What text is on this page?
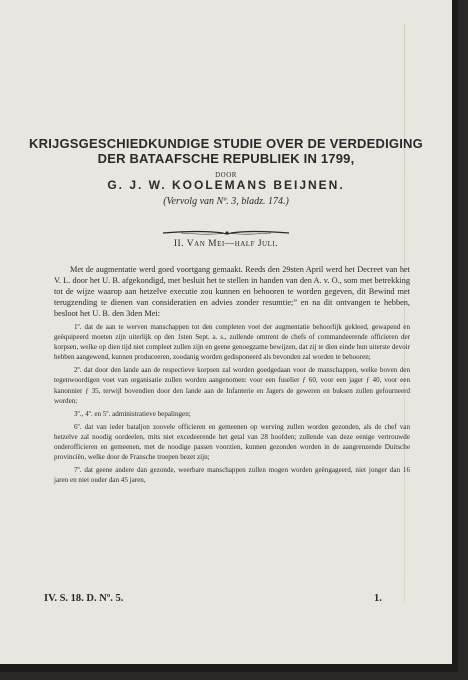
KRIJGSGESCHIEDKUNDIGE STUDIE OVER DE VERDEDIGING
DER BATAAFSCHE REPUBLIEK IN 1799,
DOOR
G. J. W. KOOLEMANS BEIJNEN.
(Vervolg van Nº. 3, bladz. 174.)
II. Van Mei—half Juli.

Met de augmentatie werd goed voortgang gemaakt. Reeds den 29sten April werd het Decreet van het V. L. door het U. B. afgekondigd, met besluit het te stellen in handen van den A. v. O., som met betrekking tot de wijze waarop aan hetzelve executie zou kunnen en behooren te worden gegeven, dit Bewind met terugzending te dienen van consideratien en advies zonder resumtie;” en na dit ontvangen te hebben, besloot het U. B. den 3den Mei:

1º. dat de aan te werven manschappen tot den completen voet der augmentatie behoorlijk gekleed, gewapend en geëquipeerd moeten zijn uiterlijk op den 1sten Sept. a. s., zullende omtrent de chefs of commandeerende officieren der korpsen, welke op dien tijd niet compleet zullen zijn en geene genoegzame bewijzen, dat zij te dien einde hun uiterste devoir hebben aangewend, kunnen produceeren, zoodanig worden gedisponeerd als bevonden zal worden te behooren;

2º. dat door den lande aan de respectieve korpsen zal worden goedgedaan voor de manschappen, welke boven den tegenwoordigen voet van organisatie zullen worden aangenomen: voor een fuselier ƒ 60, voor een jager ƒ 40, voor een kanonnier ƒ 35, terwijl bovendien door den lande aan de Infanterie en Jagers de geweren en buksen zullen gefourneerd worden;

3º., 4º. en 5º. administratieve bepalingen;

6º. dat van ieder bataljon zoovele officieren en gemeenen op werving zullen worden gezonden, als de chef van hetzelve zal noodig oordeelen, mits niet excedeerende het getal van 28 hoofden; zullende van deze eenige vertrouwde onderofficieren en gemeenen, met de noodige passen voorzien, kunnen gezonden worden in de aangrenzende Duitsche provinciën, welke door de Fransche troepen bezet zijn;

7º. dat geene andere dan gezonde, weerbare manschappen zullen mogen worden geëngageerd, niet jonger dan 16 jaren en niet ouder dan 45 jaren,

IV. S. 18. D. Nº. 5.	1.
